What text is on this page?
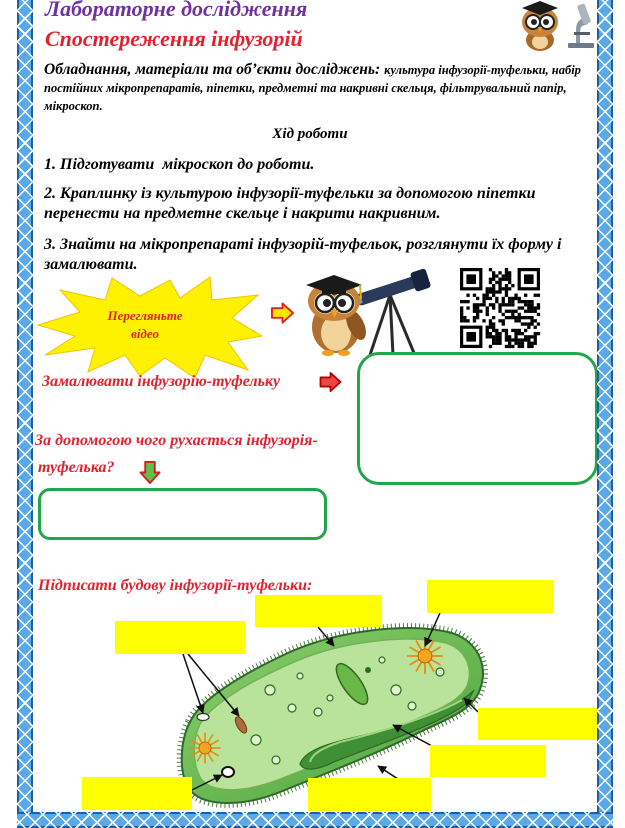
Лабораторне дослідження
Спостереження інфузорій

Обладнання, матеріали та об’єкти досліджень: культура інфузорії-туфельки, набір постійних мікропрепаратів, піпетки, предметні та накривні скельця, фільтрувальний папір, мікроскоп.

Хід роботи
1. Підготувати  мікроскоп до роботи.
2. Краплинку із культурою інфузорії-туфельки за допомогою піпетки перенести на предметне скельце і накрити накривним.
3. Знайти на мікропрепараті інфузорій-туфельок, розглянути їх форму і замалювати.
Перегляньте відео
Замалювати інфузорію-туфельку
За допомогою чого рухається інфузорія-
туфелька?
Підписати будову інфузорії-туфельки:
